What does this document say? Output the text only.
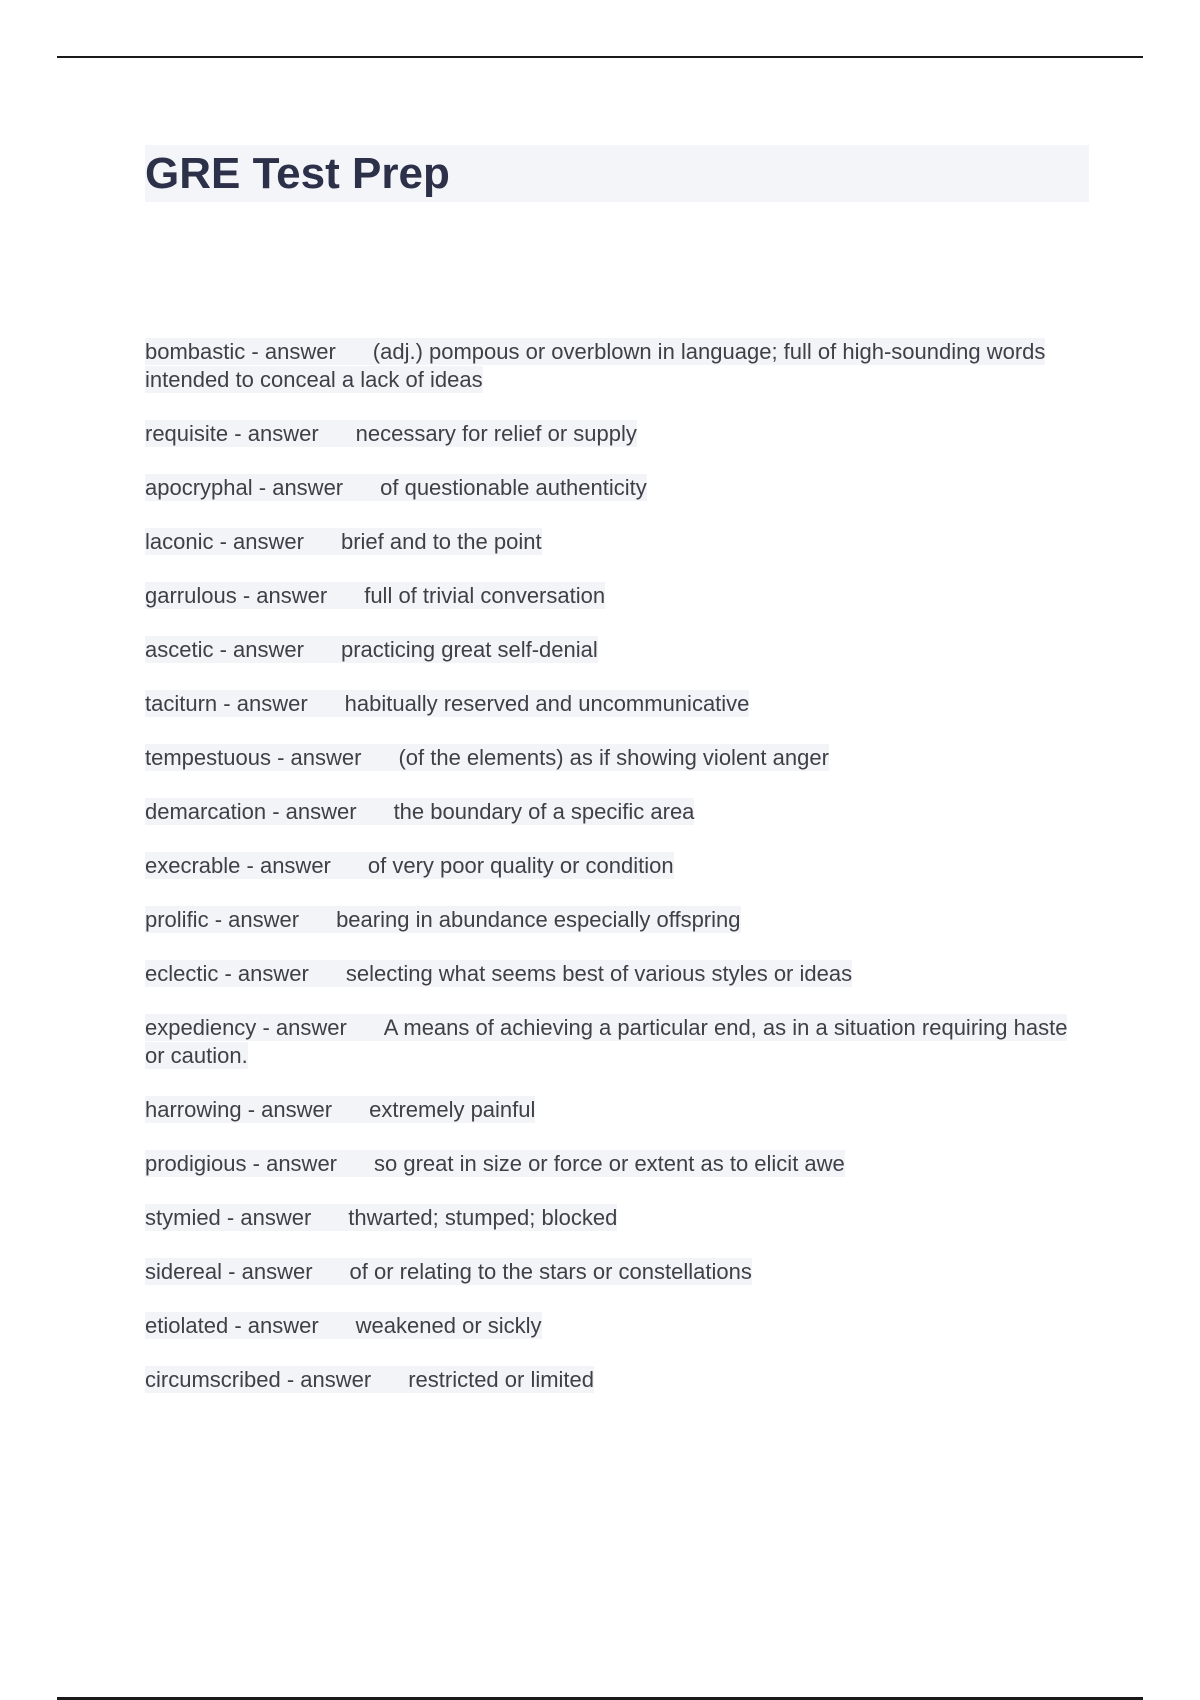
GRE Test Prep
bombastic - answer (adj.) pompous or overblown in language; full of high-sounding words intended to conceal a lack of ideas
requisite - answer necessary for relief or supply
apocryphal - answer of questionable authenticity
laconic - answer brief and to the point
garrulous - answer full of trivial conversation
ascetic - answer practicing great self-denial
taciturn - answer habitually reserved and uncommunicative
tempestuous - answer (of the elements) as if showing violent anger
demarcation - answer the boundary of a specific area
execrable - answer of very poor quality or condition
prolific - answer bearing in abundance especially offspring
eclectic - answer selecting what seems best of various styles or ideas
expediency - answer A means of achieving a particular end, as in a situation requiring haste or caution.
harrowing - answer extremely painful
prodigious - answer so great in size or force or extent as to elicit awe
stymied - answer thwarted; stumped; blocked
sidereal - answer of or relating to the stars or constellations
etiolated - answer weakened or sickly
circumscribed - answer restricted or limited
